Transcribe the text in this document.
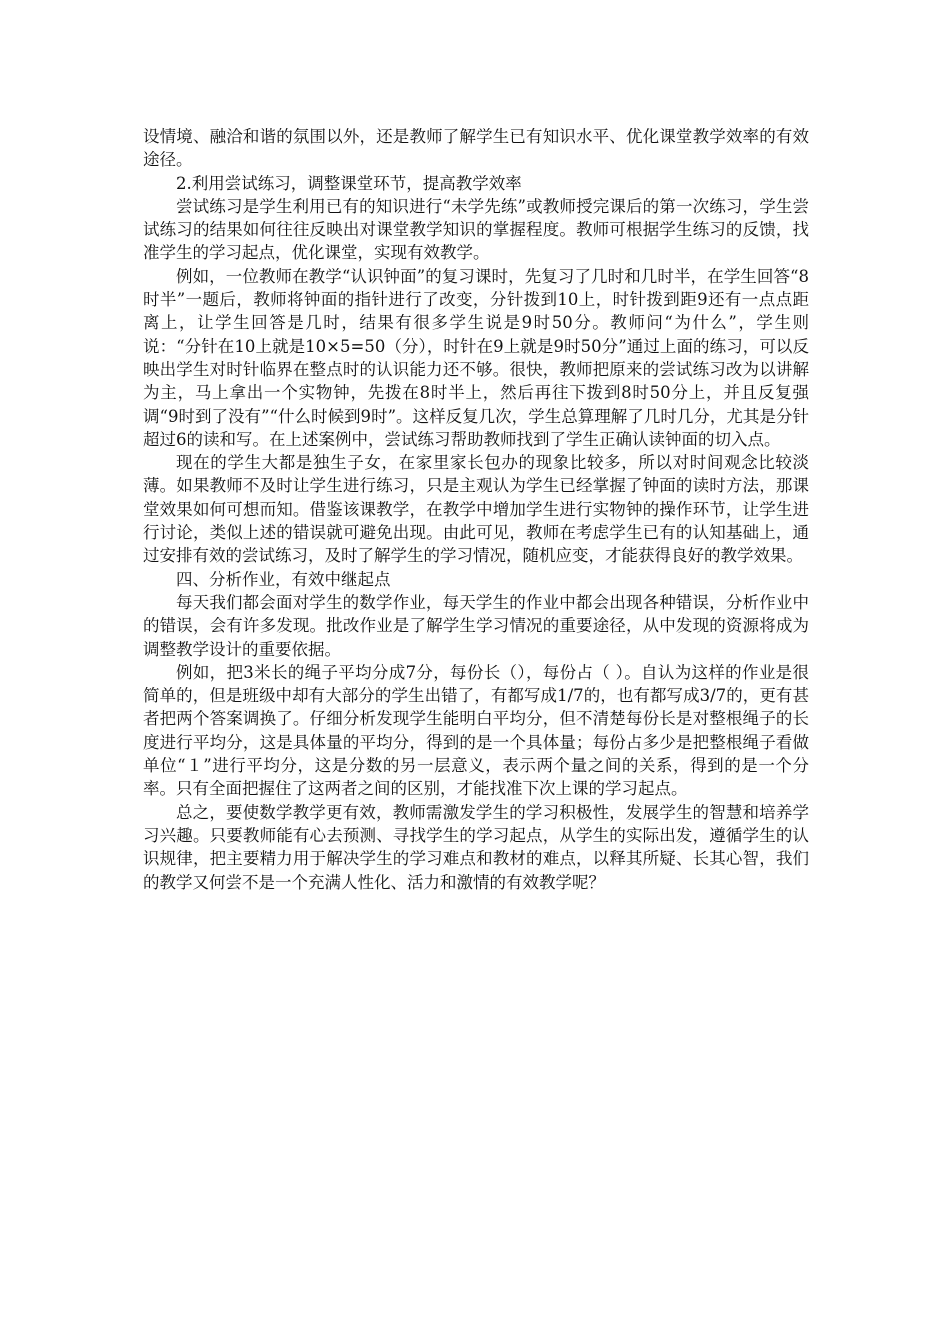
设情境、融洽和谐的氛围以外，还是教师了解学生已有知识水平、优化课堂教学效率的有效途径。

2.利用尝试练习，调整课堂环节，提高教学效率

尝试练习是学生利用已有的知识进行“未学先练”或教师授完课后的第一次练习，学生尝试练习的结果如何往往反映出对课堂教学知识的掌握程度。教师可根据学生练习的反馈，找准学生的学习起点，优化课堂，实现有效教学。

例如，一位教师在教学“认识钟面”的复习课时，先复习了几时和几时半，在学生回答“8时半”一题后，教师将钟面的指针进行了改变，分针拨到10上，时针拨到距9还有一点点距离上，让学生回答是几时，结果有很多学生说是9时50分。教师问“为什么”，学生则说：“分针在10上就是10×5=50（分），时针在9上就是9时50分”通过上面的练习，可以反映出学生对时针临界在整点时的认识能力还不够。很快，教师把原来的尝试练习改为以讲解为主，马上拿出一个实物钟，先拨在8时半上，然后再往下拨到8时50分上，并且反复强调“9时到了没有”“什么时候到9时”。这样反复几次，学生总算理解了几时几分，尤其是分针超过6的读和写。在上述案例中，尝试练习帮助教师找到了学生正确认读钟面的切入点。

现在的学生大都是独生子女，在家里家长包办的现象比较多，所以对时间观念比较淡薄。如果教师不及时让学生进行练习，只是主观认为学生已经掌握了钟面的读时方法，那课堂效果如何可想而知。借鉴该课教学，在教学中增加学生进行实物钟的操作环节，让学生进行讨论，类似上述的错误就可避免出现。由此可见，教师在考虑学生已有的认知基础上，通过安排有效的尝试练习，及时了解学生的学习情况，随机应变，才能获得良好的教学效果。

四、分析作业，有效中继起点

每天我们都会面对学生的数学作业，每天学生的作业中都会出现各种错误，分析作业中的错误，会有许多发现。批改作业是了解学生学习情况的重要途径，从中发现的资源将成为调整教学设计的重要依据。

例如，把3米长的绳子平均分成7分，每份长（），每份占（ ）。自认为这样的作业是很简单的，但是班级中却有大部分的学生出错了，有都写成1/7的，也有都写成3/7的，更有甚者把两个答案调换了。仔细分析发现学生能明白平均分，但不清楚每份长是对整根绳子的长度进行平均分，这是具体量的平均分，得到的是一个具体量；每份占多少是把整根绳子看做单位“１”进行平均分，这是分数的另一层意义，表示两个量之间的关系，得到的是一个分率。只有全面把握住了这两者之间的区别，才能找准下次上课的学习起点。

总之，要使数学教学更有效，教师需激发学生的学习积极性，发展学生的智慧和培养学习兴趣。只要教师能有心去预测、寻找学生的学习起点，从学生的实际出发，遵循学生的认识规律，把主要精力用于解决学生的学习难点和教材的难点，以释其所疑、长其心智，我们的教学又何尝不是一个充满人性化、活力和激情的有效教学呢？
